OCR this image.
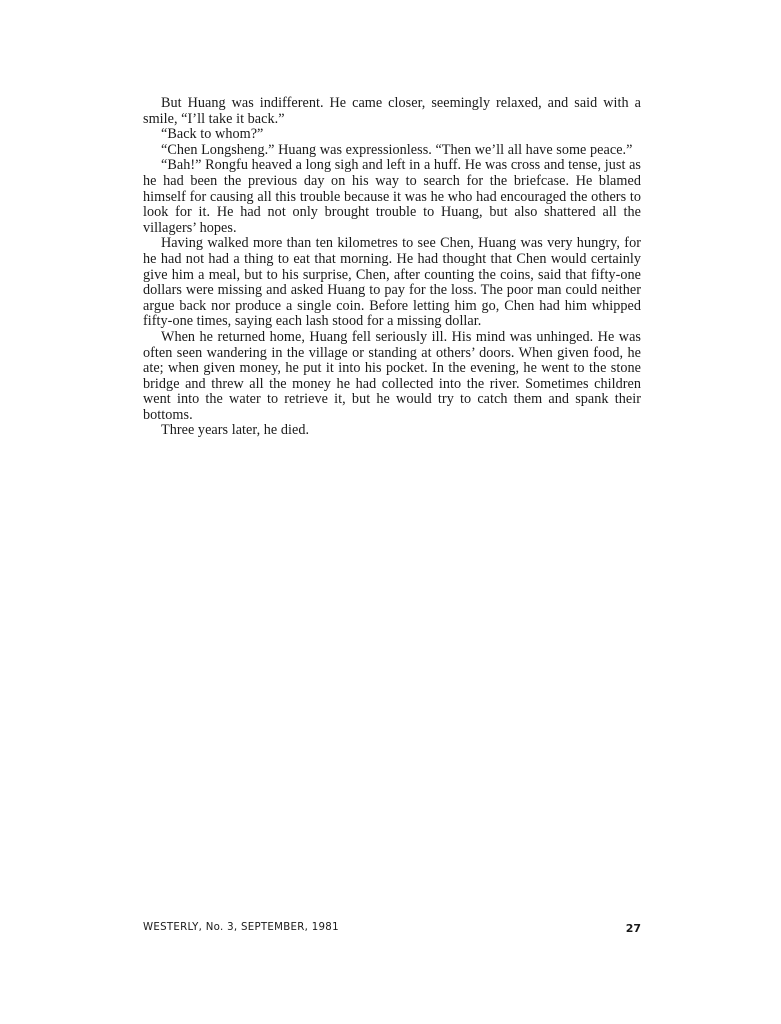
But Huang was indifferent. He came closer, seemingly relaxed, and said with a smile, “I’ll take it back.”

“Back to whom?”

“Chen Longsheng.” Huang was expressionless. “Then we’ll all have some peace.”

“Bah!” Rongfu heaved a long sigh and left in a huff. He was cross and tense, just as he had been the previous day on his way to search for the briefcase. He blamed himself for causing all this trouble because it was he who had encouraged the others to look for it. He had not only brought trouble to Huang, but also shattered all the villagers’ hopes.

Having walked more than ten kilometres to see Chen, Huang was very hungry, for he had not had a thing to eat that morning. He had thought that Chen would certainly give him a meal, but to his surprise, Chen, after counting the coins, said that fifty-one dollars were missing and asked Huang to pay for the loss. The poor man could neither argue back nor produce a single coin. Before letting him go, Chen had him whipped fifty-one times, saying each lash stood for a missing dollar.

When he returned home, Huang fell seriously ill. His mind was unhinged. He was often seen wandering in the village or standing at others’ doors. When given food, he ate; when given money, he put it into his pocket. In the evening, he went to the stone bridge and threw all the money he had collected into the river. Sometimes children went into the water to retrieve it, but he would try to catch them and spank their bottoms.

Three years later, he died.

WESTERLY, No. 3, SEPTEMBER, 1981	27
